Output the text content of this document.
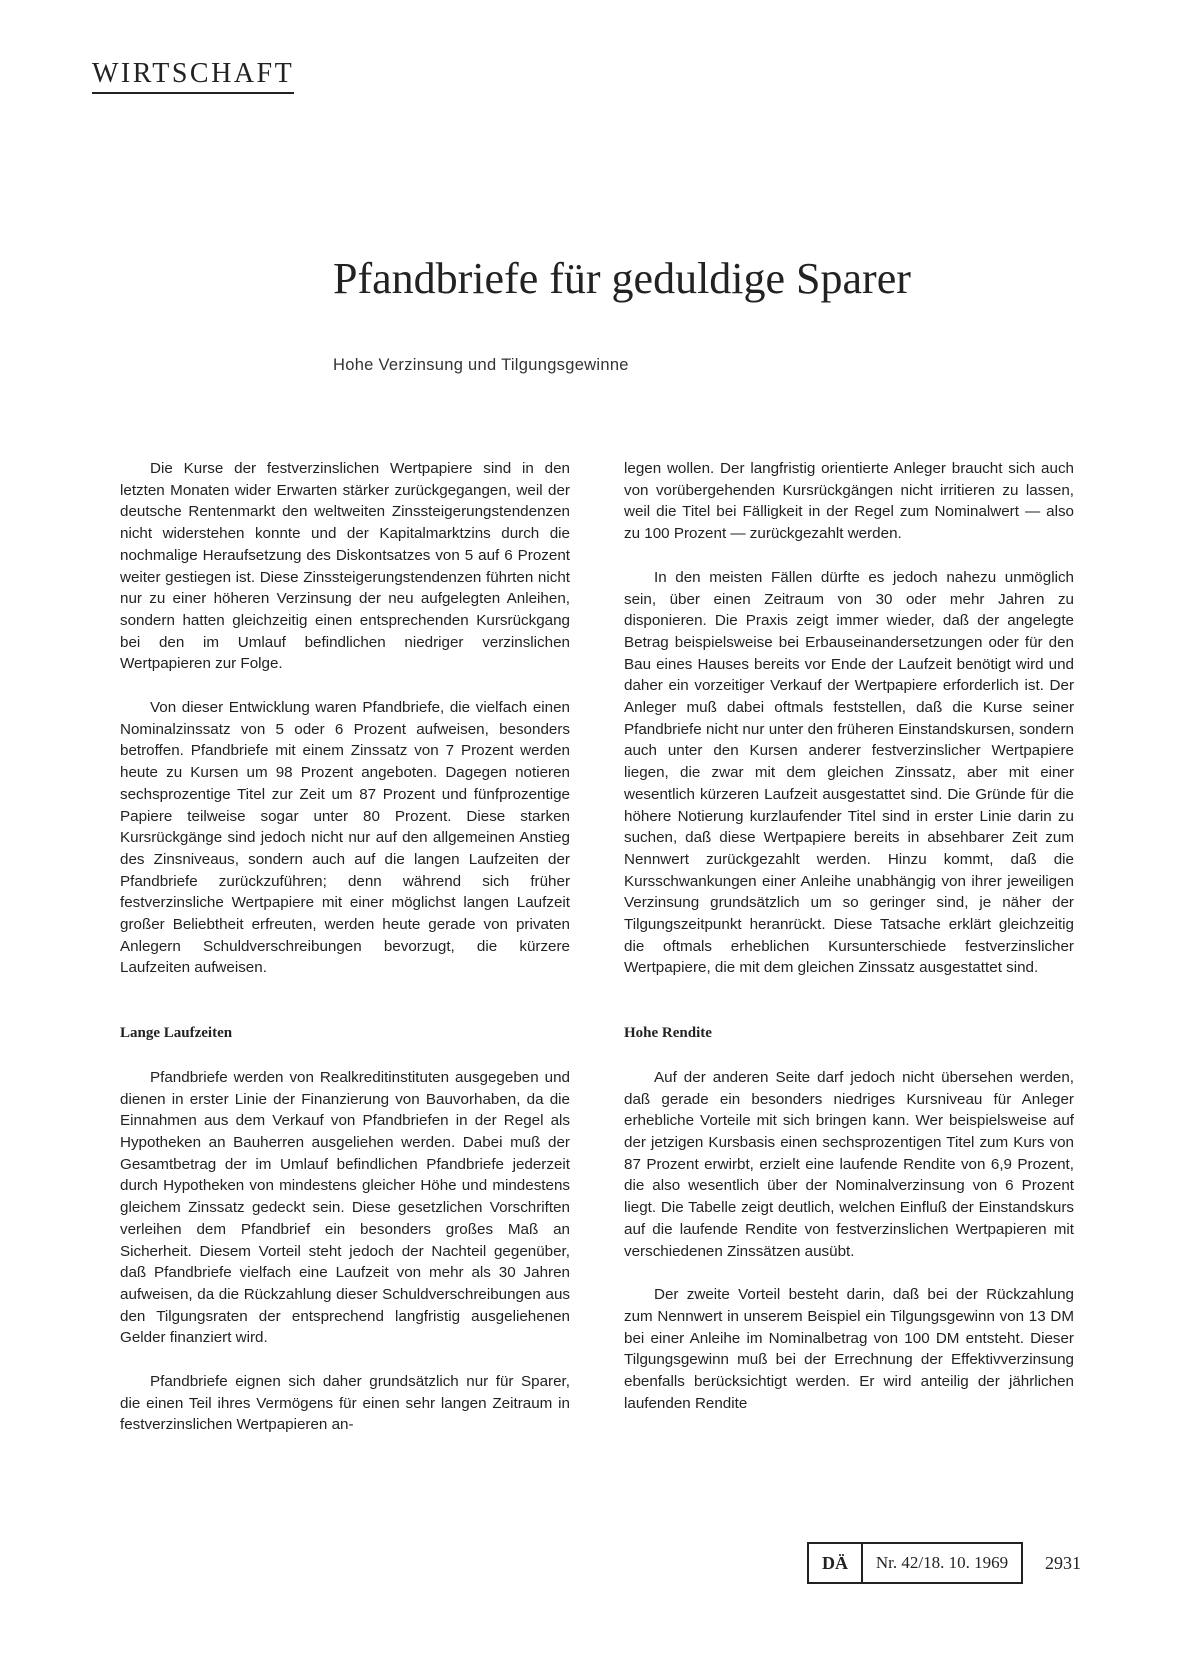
WIRTSCHAFT
Pfandbriefe für geduldige Sparer
Hohe Verzinsung und Tilgungsgewinne

Die Kurse der festverzinslichen Wertpapiere sind in den letzten Monaten wider Erwarten stärker zurückgegangen, weil der deutsche Rentenmarkt den weltweiten Zinssteigerungstendenzen nicht widerstehen konnte und der Kapitalmarktzins durch die nochmalige Heraufsetzung des Diskontsatzes von 5 auf 6 Prozent weiter gestiegen ist. Diese Zinssteigerungstendenzen führten nicht nur zu einer höheren Verzinsung der neu aufgelegten Anleihen, sondern hatten gleichzeitig einen entsprechenden Kursrückgang bei den im Umlauf befindlichen niedriger verzinslichen Wertpapieren zur Folge.

Von dieser Entwicklung waren Pfandbriefe, die vielfach einen Nominalzinssatz von 5 oder 6 Prozent aufweisen, besonders betroffen. Pfandbriefe mit einem Zinssatz von 7 Prozent werden heute zu Kursen um 98 Prozent angeboten. Dagegen notieren sechsprozentige Titel zur Zeit um 87 Prozent und fünfprozentige Papiere teilweise sogar unter 80 Prozent. Diese starken Kursrückgänge sind jedoch nicht nur auf den allgemeinen Anstieg des Zinsniveaus, sondern auch auf die langen Laufzeiten der Pfandbriefe zurückzuführen; denn während sich früher festverzinsliche Wertpapiere mit einer möglichst langen Laufzeit großer Beliebtheit erfreuten, werden heute gerade von privaten Anlegern Schuldverschreibungen bevorzugt, die kürzere Laufzeiten aufweisen.

Lange Laufzeiten

Pfandbriefe werden von Realkreditinstituten ausgegeben und dienen in erster Linie der Finanzierung von Bauvorhaben, da die Einnahmen aus dem Verkauf von Pfandbriefen in der Regel als Hypotheken an Bauherren ausgeliehen werden. Dabei muß der Gesamtbetrag der im Umlauf befindlichen Pfandbriefe jederzeit durch Hypotheken von mindestens gleicher Höhe und mindestens gleichem Zinssatz gedeckt sein. Diese gesetzlichen Vorschriften verleihen dem Pfandbrief ein besonders großes Maß an Sicherheit. Diesem Vorteil steht jedoch der Nachteil gegenüber, daß Pfandbriefe vielfach eine Laufzeit von mehr als 30 Jahren aufweisen, da die Rückzahlung dieser Schuldverschreibungen aus den Tilgungsraten der entsprechend langfristig ausgeliehenen Gelder finanziert wird.

Pfandbriefe eignen sich daher grundsätzlich nur für Sparer, die einen Teil ihres Vermögens für einen sehr langen Zeitraum in festverzinslichen Wertpapieren an-

legen wollen. Der langfristig orientierte Anleger braucht sich auch von vorübergehenden Kursrückgängen nicht irritieren zu lassen, weil die Titel bei Fälligkeit in der Regel zum Nominalwert — also zu 100 Prozent — zurückgezahlt werden.

In den meisten Fällen dürfte es jedoch nahezu unmöglich sein, über einen Zeitraum von 30 oder mehr Jahren zu disponieren. Die Praxis zeigt immer wieder, daß der angelegte Betrag beispielsweise bei Erbauseinandersetzungen oder für den Bau eines Hauses bereits vor Ende der Laufzeit benötigt wird und daher ein vorzeitiger Verkauf der Wertpapiere erforderlich ist. Der Anleger muß dabei oftmals feststellen, daß die Kurse seiner Pfandbriefe nicht nur unter den früheren Einstandskursen, sondern auch unter den Kursen anderer festverzinslicher Wertpapiere liegen, die zwar mit dem gleichen Zinssatz, aber mit einer wesentlich kürzeren Laufzeit ausgestattet sind. Die Gründe für die höhere Notierung kurzlaufender Titel sind in erster Linie darin zu suchen, daß diese Wertpapiere bereits in absehbarer Zeit zum Nennwert zurückgezahlt werden. Hinzu kommt, daß die Kursschwankungen einer Anleihe unabhängig von ihrer jeweiligen Verzinsung grundsätzlich um so geringer sind, je näher der Tilgungszeitpunkt heranrückt. Diese Tatsache erklärt gleichzeitig die oftmals erheblichen Kursunterschiede festverzinslicher Wertpapiere, die mit dem gleichen Zinssatz ausgestattet sind.

Hohe Rendite

Auf der anderen Seite darf jedoch nicht übersehen werden, daß gerade ein besonders niedriges Kursniveau für Anleger erhebliche Vorteile mit sich bringen kann. Wer beispielsweise auf der jetzigen Kursbasis einen sechsprozentigen Titel zum Kurs von 87 Prozent erwirbt, erzielt eine laufende Rendite von 6,9 Prozent, die also wesentlich über der Nominalverzinsung von 6 Prozent liegt. Die Tabelle zeigt deutlich, welchen Einfluß der Einstandskurs auf die laufende Rendite von festverzinslichen Wertpapieren mit verschiedenen Zinssätzen ausübt.

Der zweite Vorteil besteht darin, daß bei der Rückzahlung zum Nennwert in unserem Beispiel ein Tilgungsgewinn von 13 DM bei einer Anleihe im Nominalbetrag von 100 DM entsteht. Dieser Tilgungsgewinn muß bei der Errechnung der Effektivverzinsung ebenfalls berücksichtigt werden. Er wird anteilig der jährlichen laufenden Rendite

DÄ	Nr. 42/18. 10. 1969	2931
